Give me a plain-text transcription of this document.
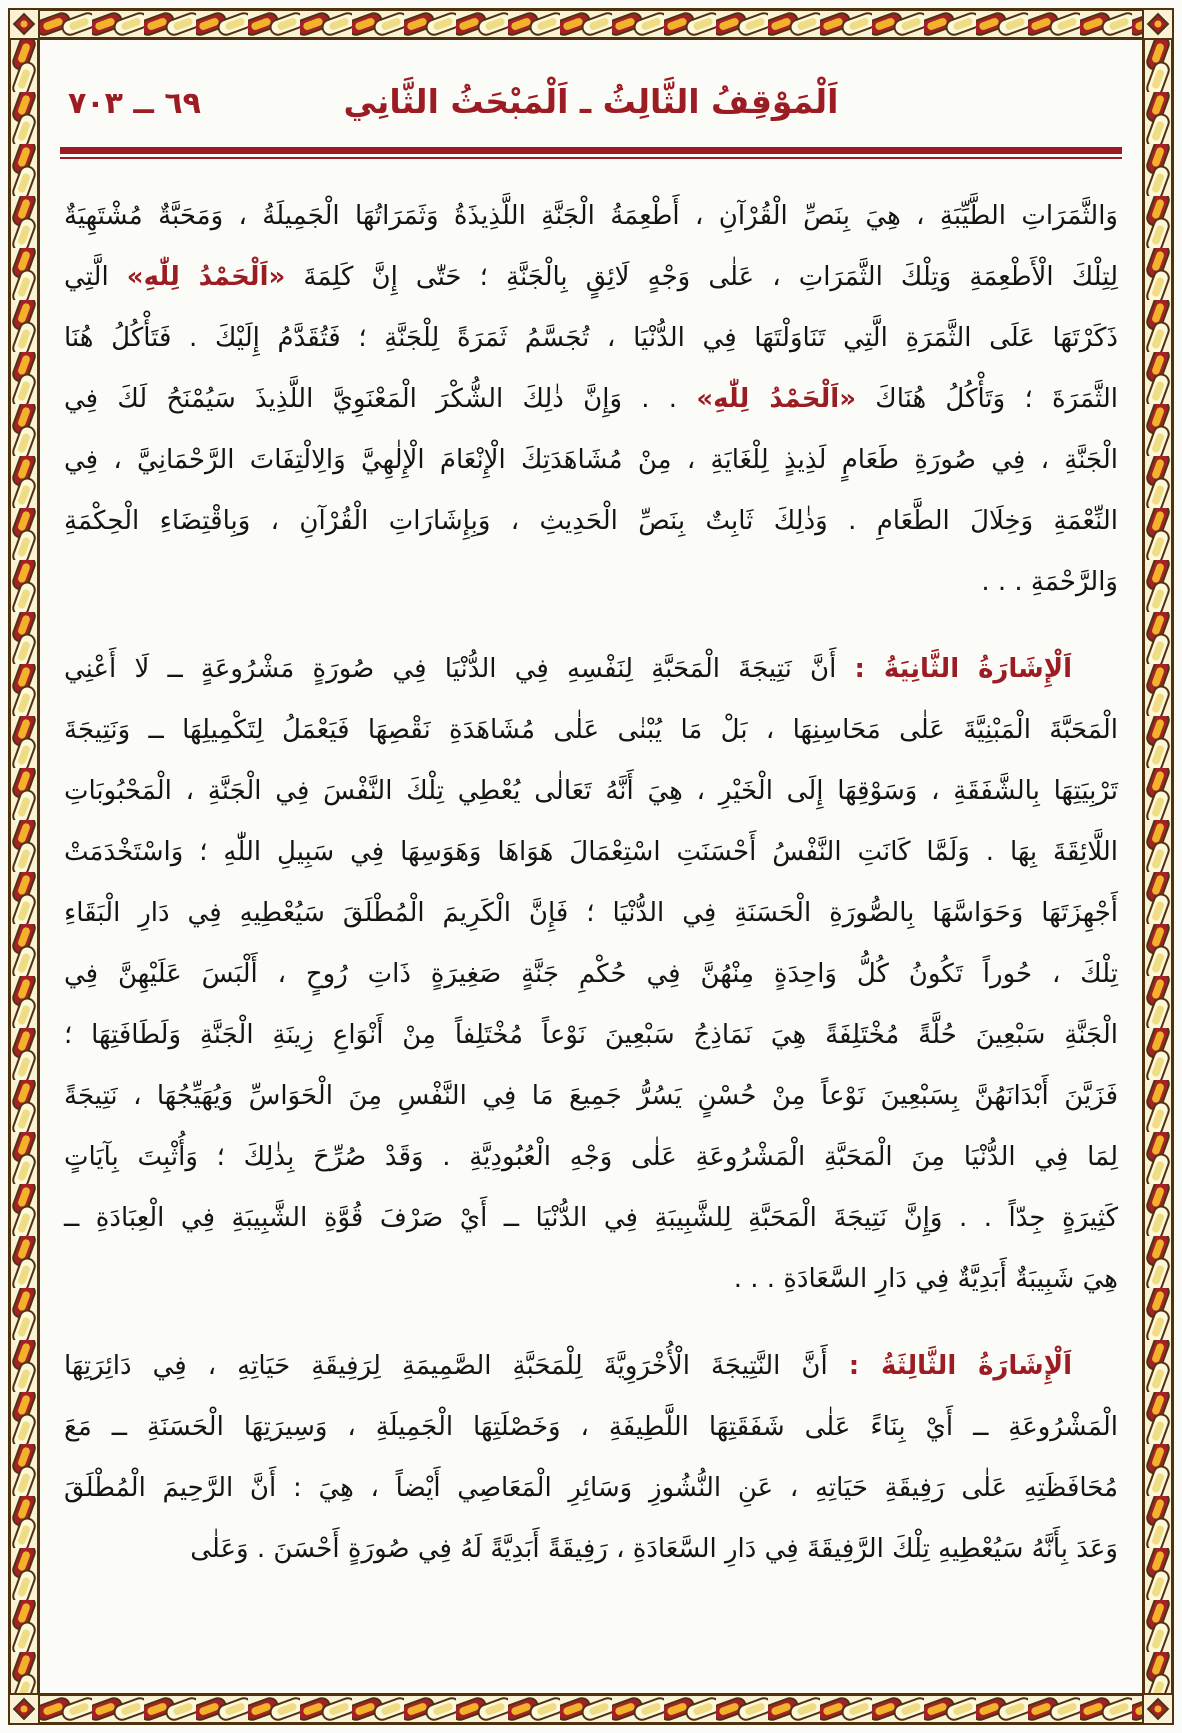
٦٩ ــ ٧٠٣	اَلْمَوْقِفُ الثَّالِثُ ـ اَلْمَبْحَثُ الثَّانِي
وَالثَّمَرَاتِ الطَّيِّبَةِ ، هِيَ بِنَصِّ الْقُرْآنِ ، أَطْعِمَةُ الْجَنَّةِ اللَّذِيذَةُ وَثَمَرَاتُهَا الْجَمِيلَةُ ، وَمَحَبَّةٌ مُشْتَهِيَةٌ
لِتِلْكَ الْأَطْعِمَةِ وَتِلْكَ الثَّمَرَاتِ ، عَلٰى وَجْهٍ لَائِقٍ بِالْجَنَّةِ ؛ حَتّٰى إِنَّ كَلِمَةَ «اَلْحَمْدُ لِلّٰهِ» الَّتِي
ذَكَرْتَهَا عَلَى الثَّمَرَةِ الَّتِي تَنَاوَلْتَهَا فِي الدُّنْيَا ، تُجَسَّمُ ثَمَرَةً لِلْجَنَّةِ ؛ فَتُقَدَّمُ إِلَيْكَ . فَتَأْكُلُ هُنَا
الثَّمَرَةَ ؛ وَتَأْكُلُ هُنَاكَ «اَلْحَمْدُ لِلّٰهِ» . . وَإِنَّ ذٰلِكَ الشُّكْرَ الْمَعْنَوِيَّ اللَّذِيذَ سَيُمْنَحُ لَكَ فِي
الْجَنَّةِ ، فِي صُورَةِ طَعَامٍ لَذِيذٍ لِلْغَايَةِ ، مِنْ مُشَاهَدَتِكَ الْإِنْعَامَ الْإِلٰهِيَّ وَالِالْتِفَاتَ الرَّحْمَانِيَّ ، فِي
النِّعْمَةِ وَخِلَالَ الطَّعَامِ . وَذٰلِكَ ثَابِتٌ بِنَصِّ الْحَدِيثِ ، وَبِإِشَارَاتِ الْقُرْآنِ ، وَبِاقْتِضَاءِ الْحِكْمَةِ
وَالرَّحْمَةِ . . .
اَلْإِشَارَةُ الثَّانِيَةُ : أَنَّ نَتِيجَةَ الْمَحَبَّةِ لِنَفْسِهِ فِي الدُّنْيَا فِي صُورَةٍ مَشْرُوعَةٍ ــ لَا أَعْنِي
الْمَحَبَّةَ الْمَبْنِيَّةَ عَلٰى مَحَاسِنِهَا ، بَلْ مَا يُبْنٰى عَلٰى مُشَاهَدَةِ نَقْصِهَا فَيَعْمَلُ لِتَكْمِيلِهَا ــ وَنَتِيجَةَ
تَرْبِيَتِهَا بِالشَّفَقَةِ ، وَسَوْقِهَا إِلَى الْخَيْرِ ، هِيَ أَنَّهُ تَعَالٰى يُعْطِي تِلْكَ النَّفْسَ فِي الْجَنَّةِ ، الْمَحْبُوبَاتِ
اللَّائِقَةَ بِهَا . وَلَمَّا كَانَتِ النَّفْسُ أَحْسَنَتِ اسْتِعْمَالَ هَوَاهَا وَهَوَسِهَا فِي سَبِيلِ اللّٰهِ ؛ وَاسْتَخْدَمَتْ
أَجْهِزَتَهَا وَحَوَاسَّهَا بِالصُّورَةِ الْحَسَنَةِ فِي الدُّنْيَا ؛ فَإِنَّ الْكَرِيمَ الْمُطْلَقَ سَيُعْطِيهِ فِي دَارِ الْبَقَاءِ
تِلْكَ ، حُوراً تَكُونُ كُلُّ وَاحِدَةٍ مِنْهُنَّ فِي حُكْمِ جَنَّةٍ صَغِيرَةٍ ذَاتِ رُوحٍ ، أَلْبَسَ عَلَيْهِنَّ فِي
الْجَنَّةِ سَبْعِينَ حُلَّةً مُخْتَلِفَةً هِيَ نَمَاذِجُ سَبْعِينَ نَوْعاً مُخْتَلِفاً مِنْ أَنْوَاعِ زِينَةِ الْجَنَّةِ وَلَطَافَتِهَا ؛
فَزَيَّنَ أَبْدَانَهُنَّ بِسَبْعِينَ نَوْعاً مِنْ حُسْنٍ يَسُرُّ جَمِيعَ مَا فِي النَّفْسِ مِنَ الْحَوَاسِّ وَيُهَيِّجُهَا ، نَتِيجَةً
لِمَا فِي الدُّنْيَا مِنَ الْمَحَبَّةِ الْمَشْرُوعَةِ عَلٰى وَجْهِ الْعُبُودِيَّةِ . وَقَدْ صُرِّحَ بِذٰلِكَ ؛ وَأُثْبِتَ بِآيَاتٍ
كَثِيرَةٍ جِدّاً . . وَإِنَّ نَتِيجَةَ الْمَحَبَّةِ لِلشَّبِيبَةِ فِي الدُّنْيَا ــ أَيْ صَرْفَ قُوَّةِ الشَّبِيبَةِ فِي الْعِبَادَةِ ــ
هِيَ شَبِيبَةٌ أَبَدِيَّةٌ فِي دَارِ السَّعَادَةِ . . .
اَلْإِشَارَةُ الثَّالِثَةُ : أَنَّ النَّتِيجَةَ الْأُخْرَوِيَّةَ لِلْمَحَبَّةِ الصَّمِيمَةِ لِرَفِيقَةِ حَيَاتِهِ ، فِي دَائِرَتِهَا
الْمَشْرُوعَةِ ــ أَيْ بِنَاءً عَلٰى شَفَقَتِهَا اللَّطِيفَةِ ، وَخَصْلَتِهَا الْجَمِيلَةِ ، وَسِيرَتِهَا الْحَسَنَةِ ــ مَعَ
مُحَافَظَتِهِ عَلٰى رَفِيقَةِ حَيَاتِهِ ، عَنِ النُّشُوزِ وَسَائِرِ الْمَعَاصِي أَيْضاً ، هِيَ : أَنَّ الرَّحِيمَ الْمُطْلَقَ
وَعَدَ بِأَنَّهُ سَيُعْطِيهِ تِلْكَ الرَّفِيقَةَ فِي دَارِ السَّعَادَةِ ، رَفِيقَةً أَبَدِيَّةً لَهُ فِي صُورَةٍ أَحْسَنَ . وَعَلٰى
